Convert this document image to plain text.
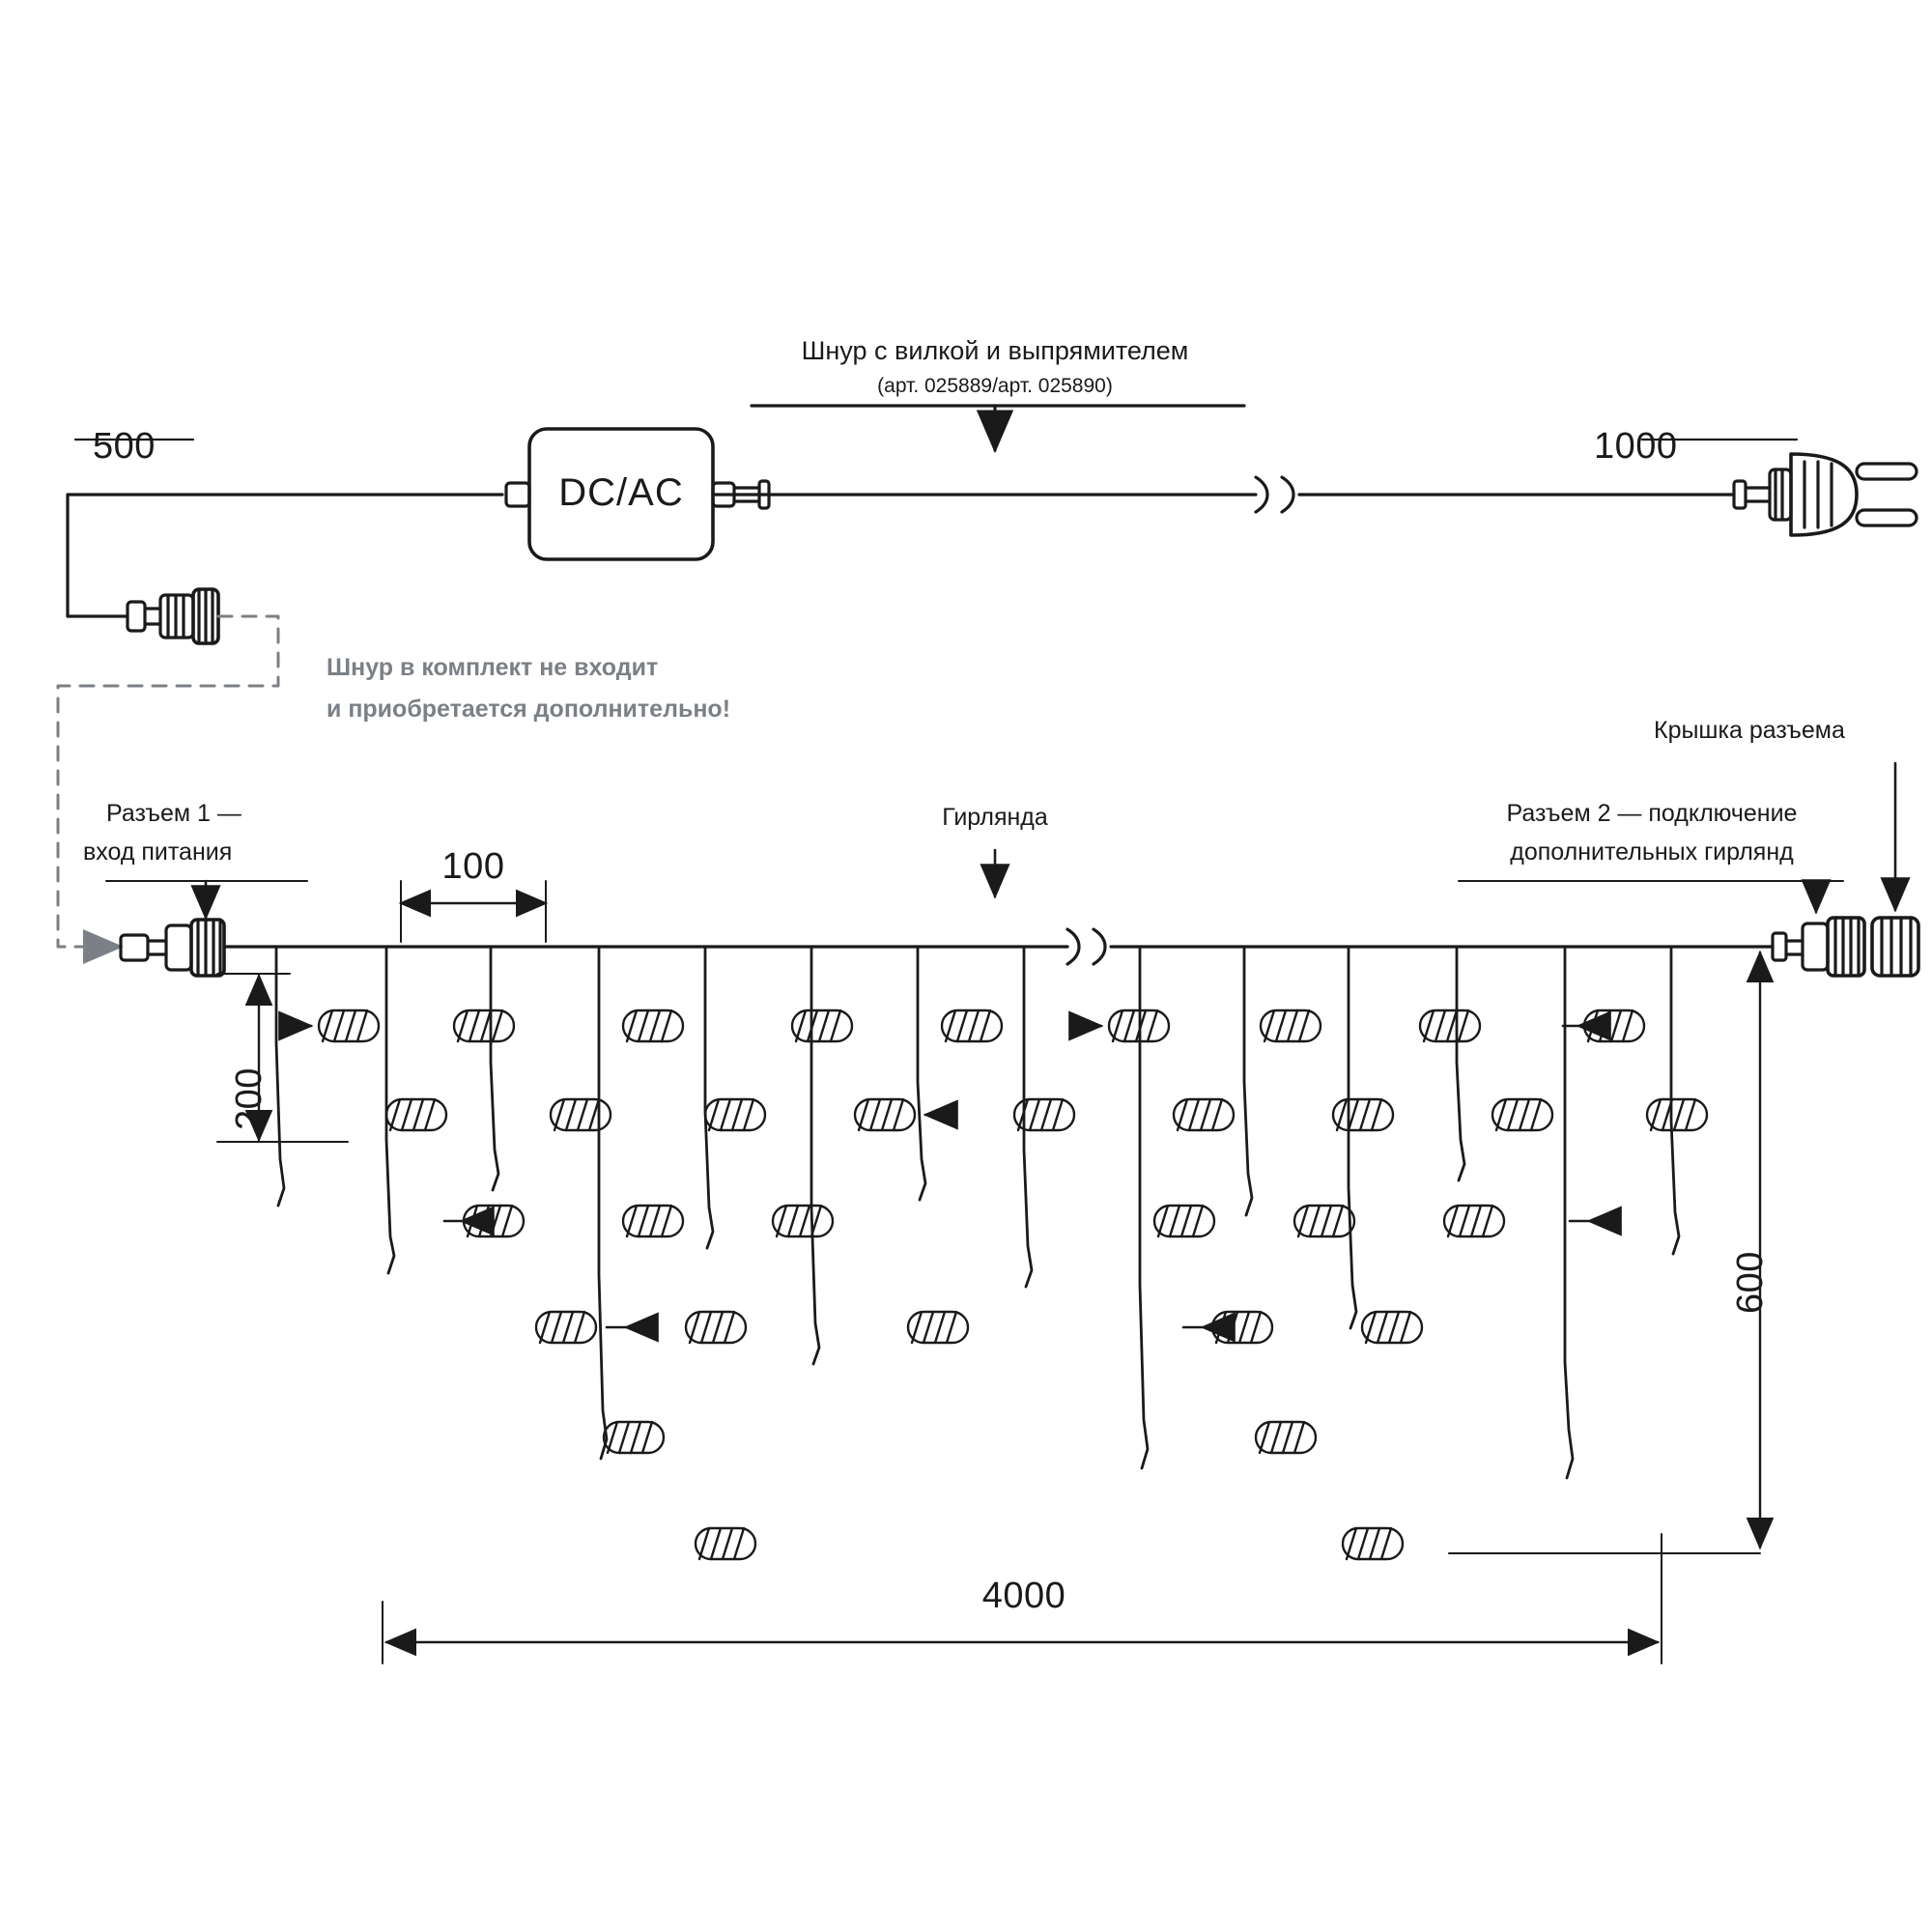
500	1000
Шнур с вилкой и выпрямителем
(арт. 025889/арт. 025890)
DC/AC
Шнур в комплект не входит
и приобретается дополнительно!
Разъем 1 —
вход питания
Гирлянда	Разъем 2 — подключение
дополнительных гирлянд
Крышка разъема
100
200
600
4000
